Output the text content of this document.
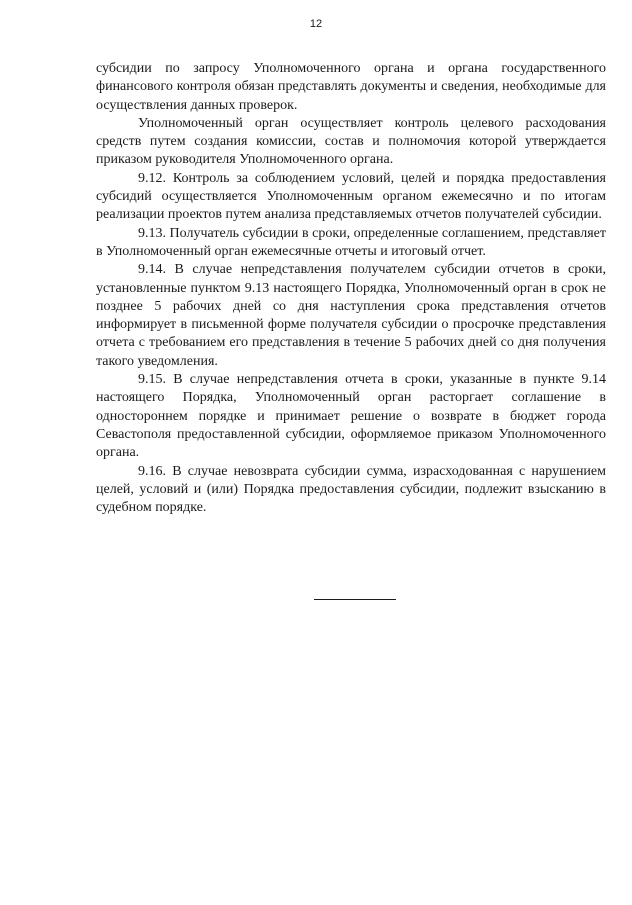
12

субсидии по запросу Уполномоченного органа и органа государственного финансового контроля обязан представлять документы и сведения, необходимые для осуществления данных проверок.

Уполномоченный орган осуществляет контроль целевого расходования средств путем создания комиссии, состав и полномочия которой утверждается приказом руководителя Уполномоченного органа.

9.12. Контроль за соблюдением условий, целей и порядка предоставления субсидий осуществляется Уполномоченным органом ежемесячно и по итогам реализации проектов путем анализа представляемых отчетов получателей субсидии.

9.13. Получатель субсидии в сроки, определенные соглашением, представляет в Уполномоченный орган ежемесячные отчеты и итоговый отчет.

9.14. В случае непредставления получателем субсидии отчетов в сроки, установленные пунктом 9.13 настоящего Порядка, Уполномоченный орган в срок не позднее 5 рабочих дней со дня наступления срока представления отчетов информирует в письменной форме получателя субсидии о просрочке представления отчета с требованием его представления в течение 5 рабочих дней со дня получения такого уведомления.

9.15. В случае непредставления отчета в сроки, указанные в пункте 9.14 настоящего Порядка, Уполномоченный орган расторгает соглашение в одностороннем порядке и принимает решение о возврате в бюджет города Севастополя предоставленной субсидии, оформляемое приказом Уполномоченного органа.

9.16. В случае невозврата субсидии сумма, израсходованная с нарушением целей, условий и (или) Порядка предоставления субсидии, подлежит взысканию в судебном порядке.
